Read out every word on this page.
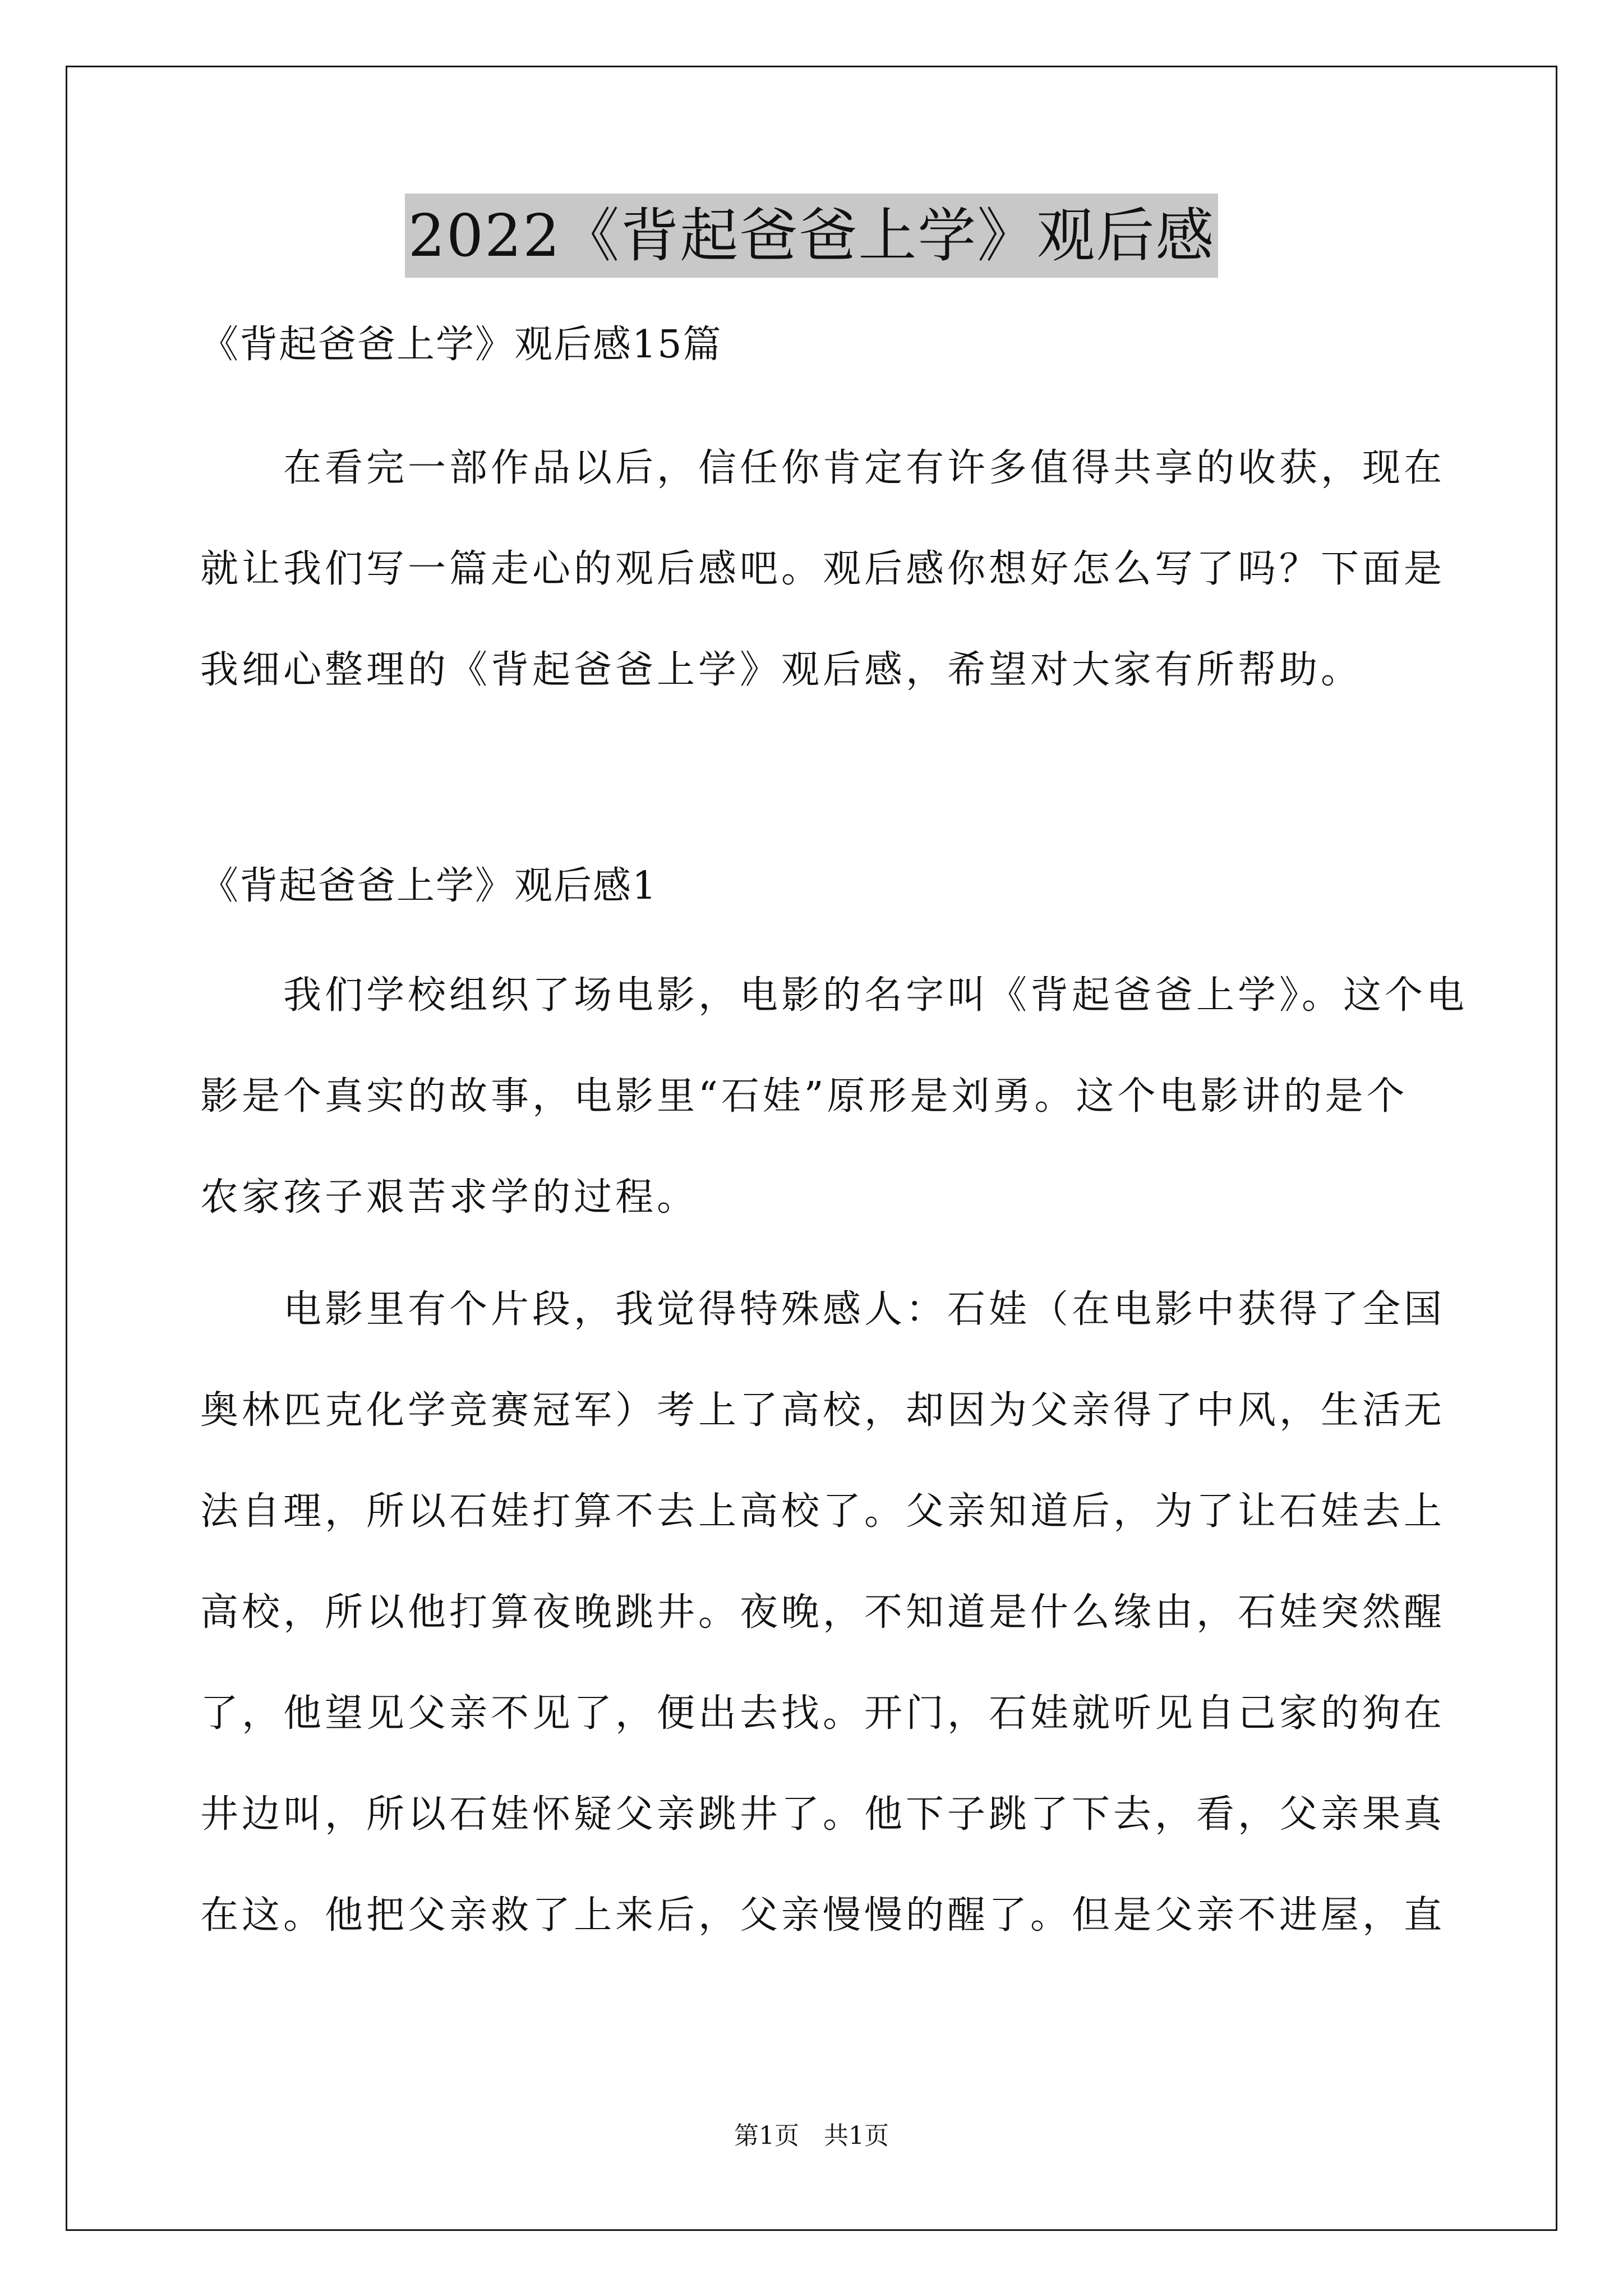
2022《背起爸爸上学》观后感
《背起爸爸上学》观后感15篇
在看完一部作品以后，信任你肯定有许多值得共享的收获，现在
就让我们写一篇走心的观后感吧。观后感你想好怎么写了吗？下面是
我细心整理的《背起爸爸上学》观后感，希望对大家有所帮助。
《背起爸爸上学》观后感1
我们学校组织了场电影，电影的名字叫《背起爸爸上学》。这个电
影是个真实的故事，电影里“石娃”原形是刘勇。这个电影讲的是个
农家孩子艰苦求学的过程。
电影里有个片段，我觉得特殊感人：石娃（在电影中获得了全国
奥林匹克化学竞赛冠军）考上了高校，却因为父亲得了中风，生活无
法自理，所以石娃打算不去上高校了。父亲知道后，为了让石娃去上
高校，所以他打算夜晚跳井。夜晚，不知道是什么缘由，石娃突然醒
了，他望见父亲不见了，便出去找。开门，石娃就听见自己家的狗在
井边叫，所以石娃怀疑父亲跳井了。他下子跳了下去，看，父亲果真
在这。他把父亲救了上来后，父亲慢慢的醒了。但是父亲不进屋，直
第1页 共1页
